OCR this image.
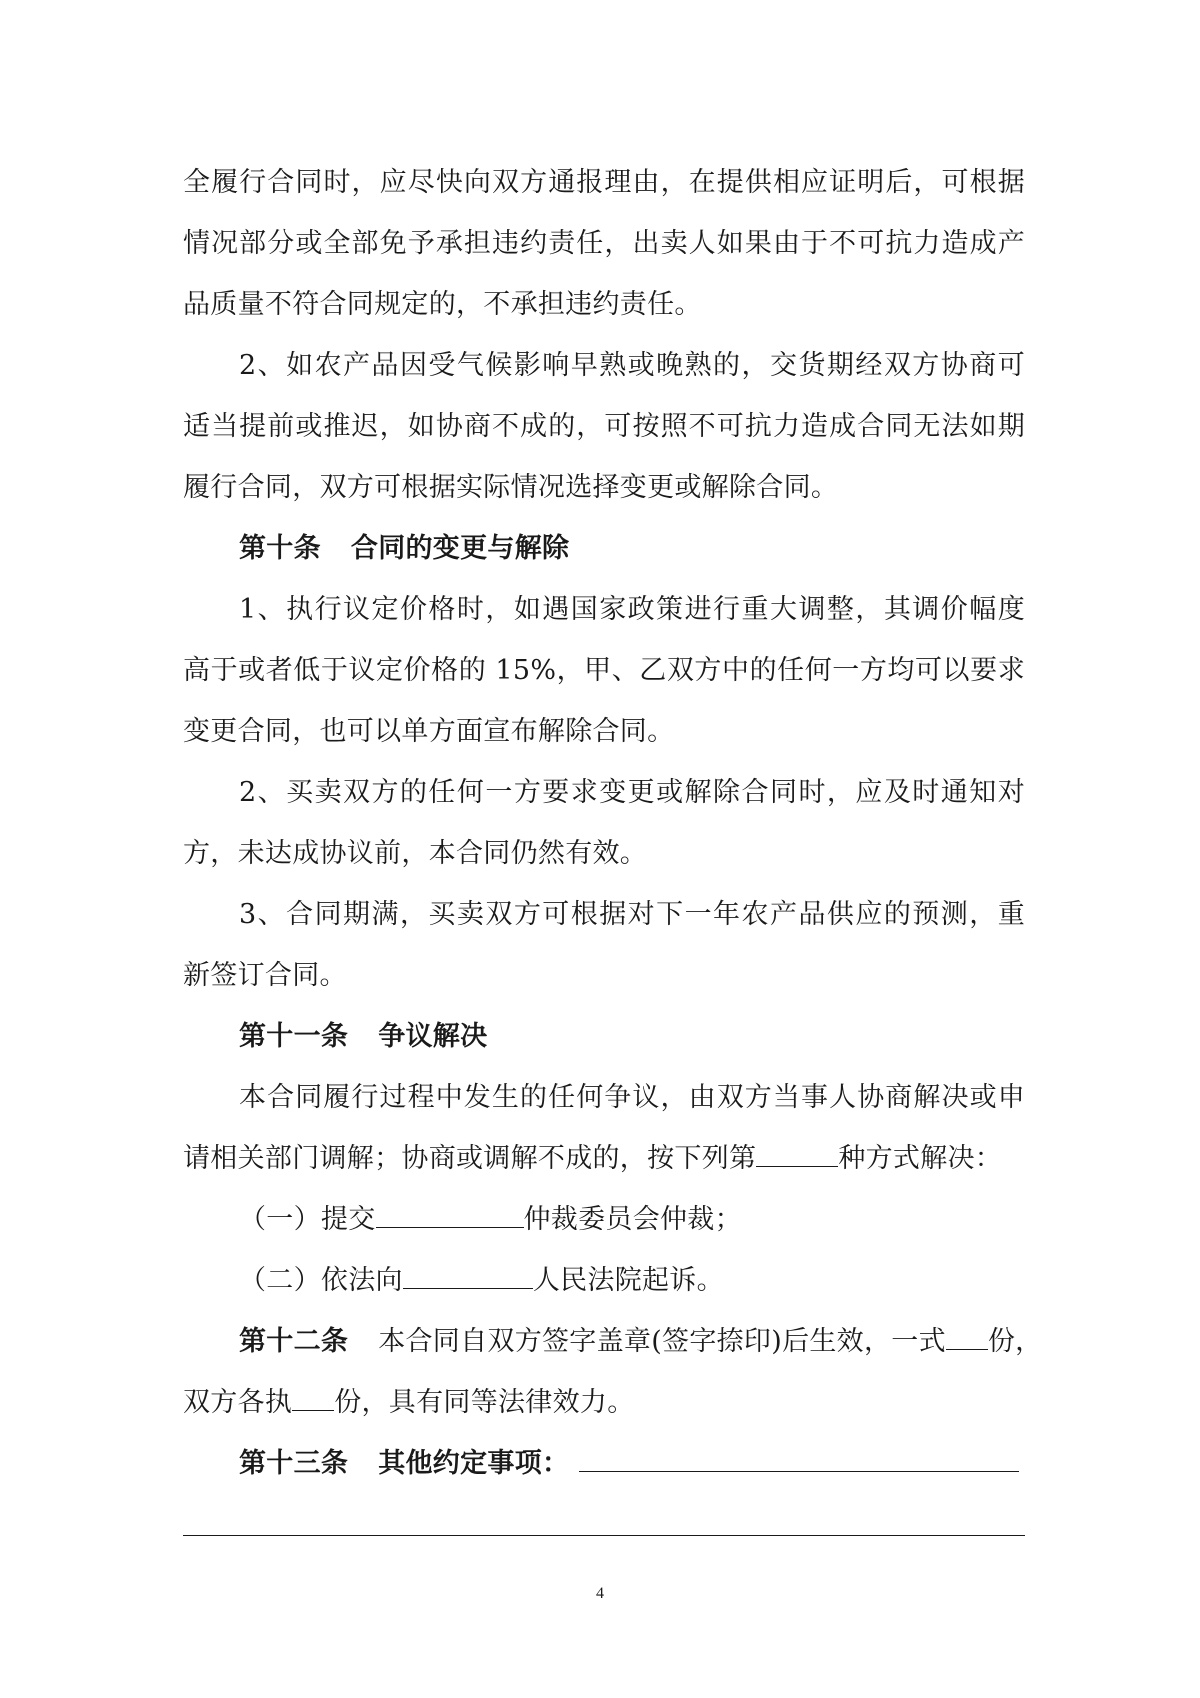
全履行合同时，应尽快向双方通报理由，在提供相应证明后，可根据
情况部分或全部免予承担违约责任，出卖人如果由于不可抗力造成产
品质量不符合同规定的，不承担违约责任。
2、如农产品因受气候影响早熟或晚熟的，交货期经双方协商可
适当提前或推迟，如协商不成的，可按照不可抗力造成合同无法如期
履行合同，双方可根据实际情况选择变更或解除合同。
第十条 合同的变更与解除
1、执行议定价格时，如遇国家政策进行重大调整，其调价幅度
高于或者低于议定价格的 15%，甲、乙双方中的任何一方均可以要求
变更合同，也可以单方面宣布解除合同。
2、买卖双方的任何一方要求变更或解除合同时，应及时通知对
方，未达成协议前，本合同仍然有效。
3、合同期满，买卖双方可根据对下一年农产品供应的预测，重
新签订合同。
第十一条 争议解决
本合同履行过程中发生的任何争议，由双方当事人协商解决或申
请相关部门调解；协商或调解不成的，按下列第	种方式解决：
（一）提交	仲裁委员会仲裁；
（二）依法向	人民法院起诉。
第十二条 本合同自双方签字盖章(签字捺印)后生效，一式 份，
双方各执 份，具有同等法律效力。
第十三条 其他约定事项：
4
